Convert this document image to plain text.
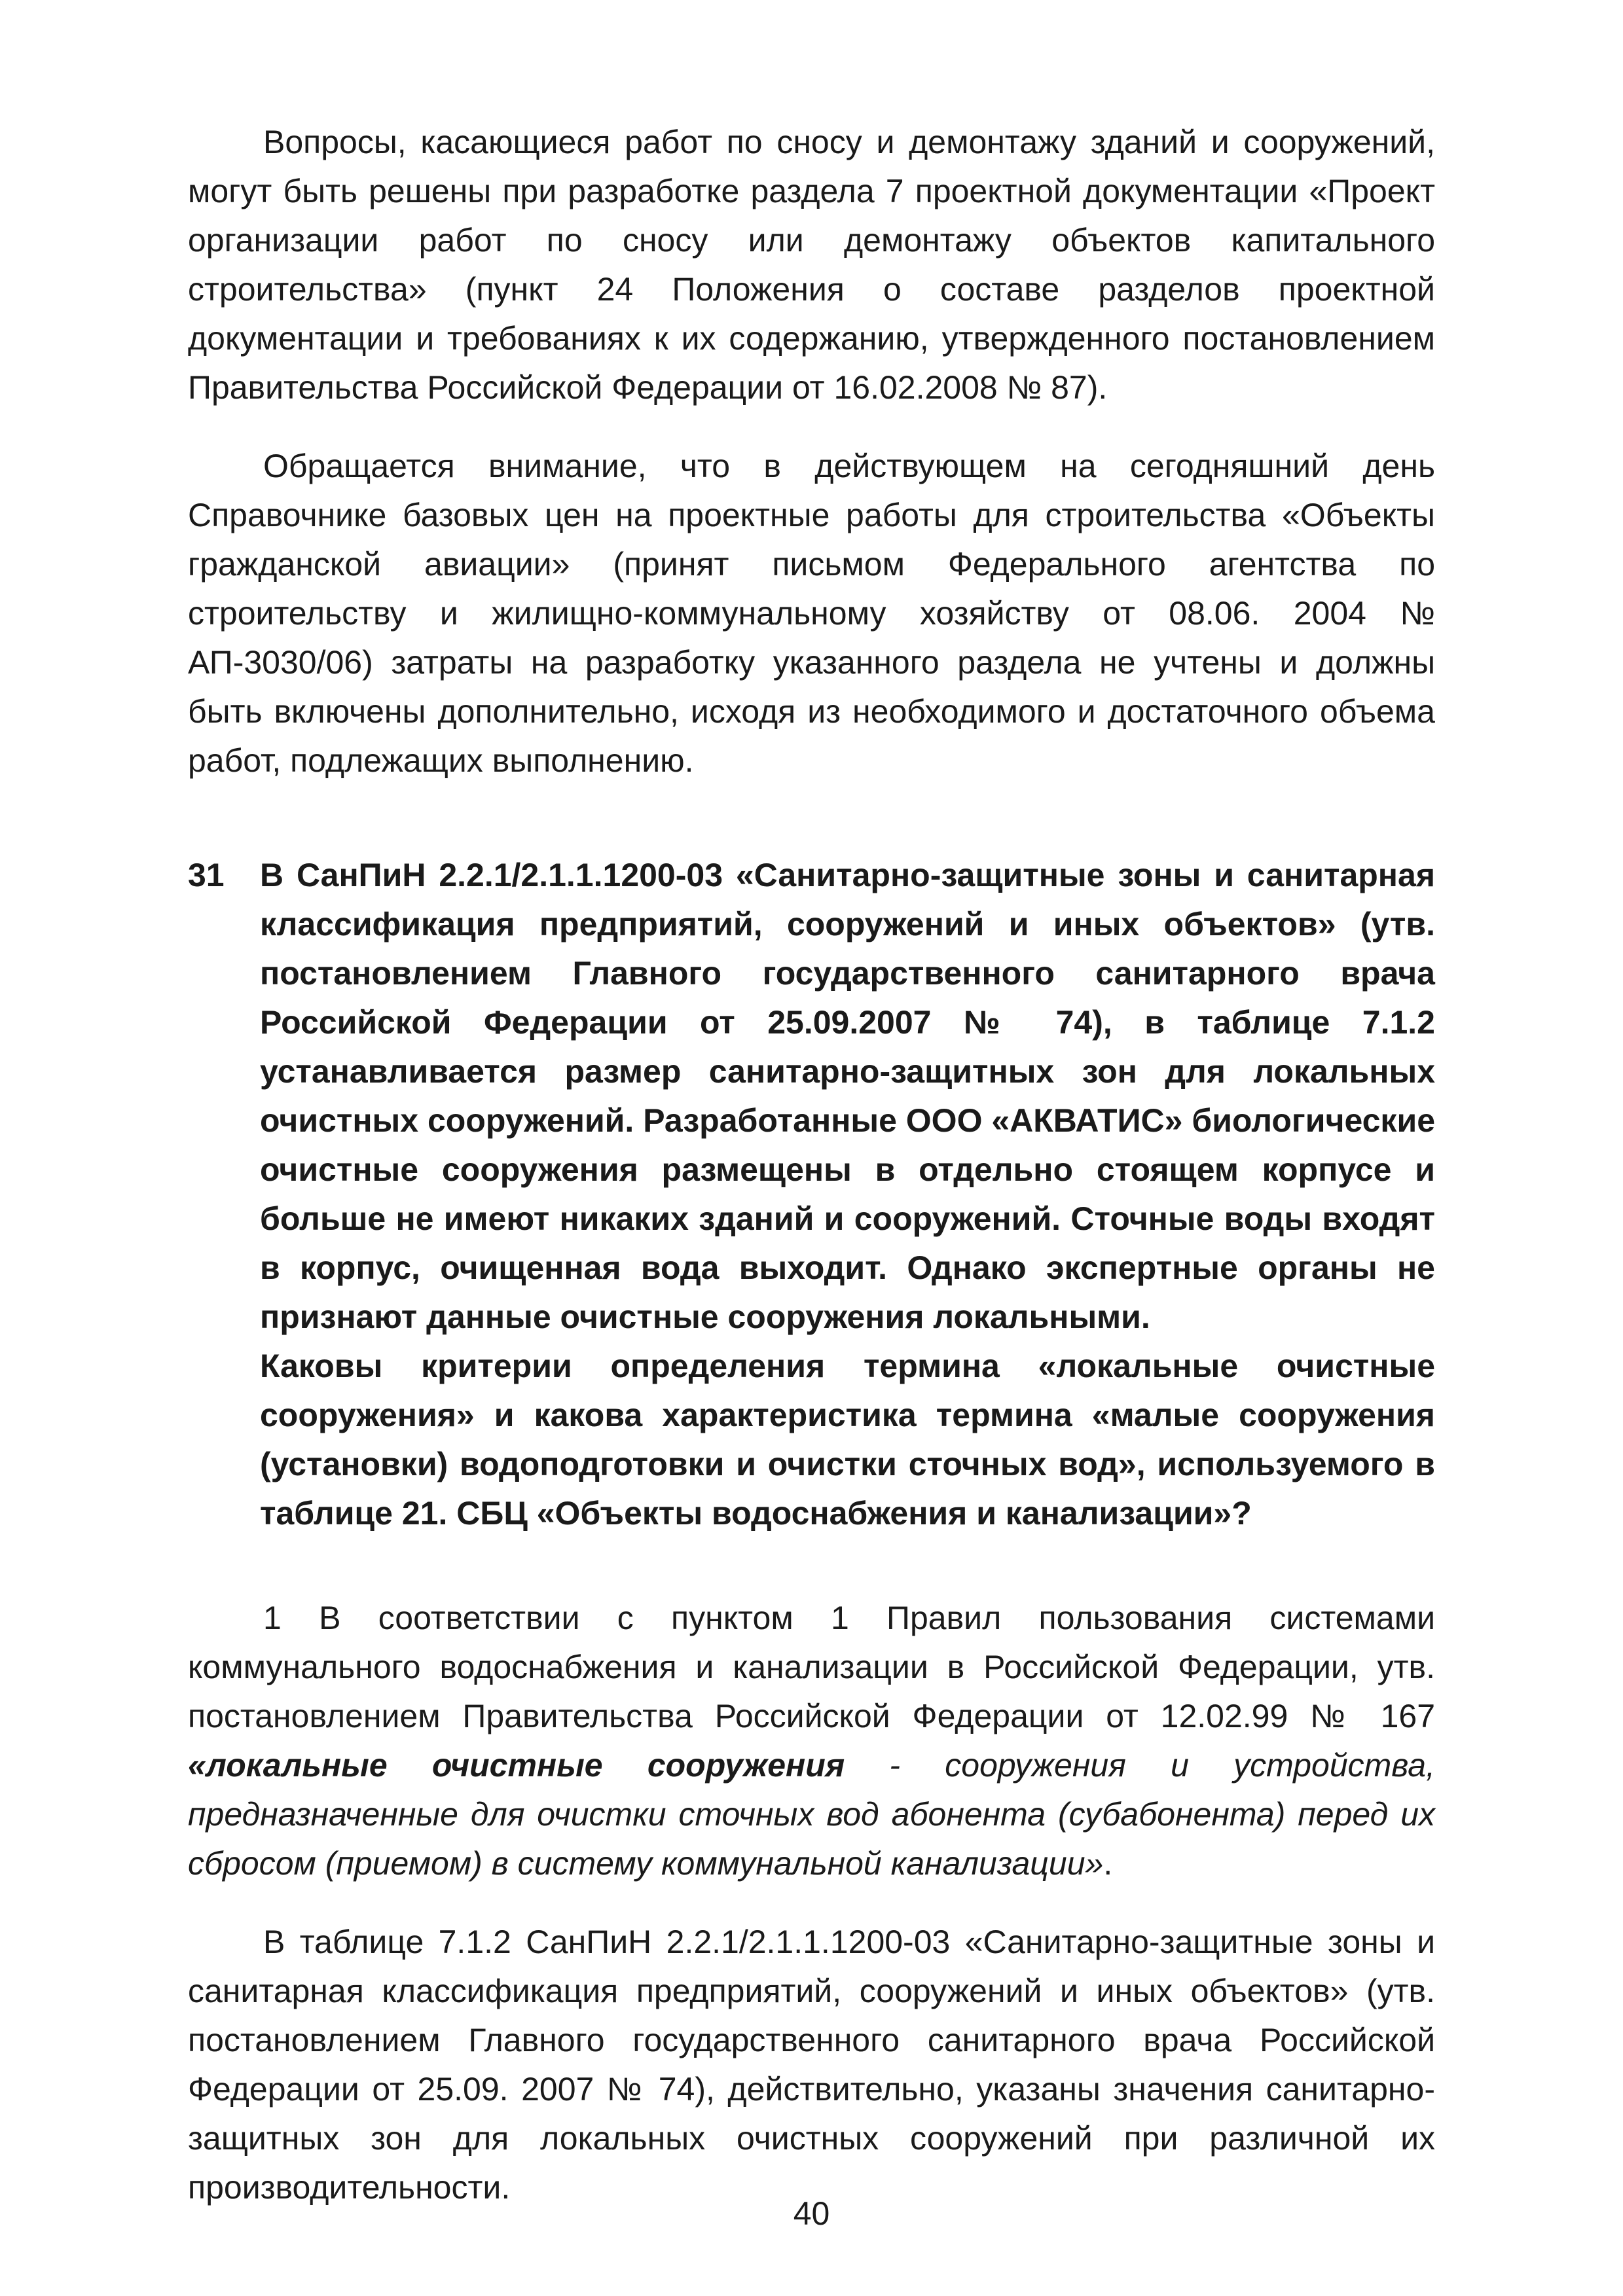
Вопросы, касающиеся работ по сносу и демонтажу зданий и сооружений, могут быть решены при разработке раздела 7 проектной документации «Проект организации работ по сносу или демонтажу объектов капитального строительства» (пункт 24 Положения о составе разделов проектной документации и требованиях к их содержанию, утвержденного постановлением Правительства Российской Федерации от 16.02.2008 № 87).

Обращается внимание, что в действующем на сегодняшний день Справочнике базовых цен на проектные работы для строительства «Объекты гражданской авиации» (принят письмом Федерального агентства по строительству и жилищно-коммунальному хозяйству от 08.06. 2004 № АП-3030/06) затраты на разработку указанного раздела не учтены и должны быть включены дополнительно, исходя из необходимого и достаточного объема работ, подлежащих выполнению.

31	В СанПиН 2.2.1/2.1.1.1200-03 «Санитарно-защитные зоны и санитарная классификация предприятий, сооружений и иных объектов» (утв. постановлением Главного государственного санитарного врача Российской Федерации от 25.09.2007 № 74), в таблице 7.1.2 устанавливается размер санитарно-защитных зон для локальных очистных сооружений. Разработанные ООО «АКВАТИС» биологические очистные сооружения размещены в отдельно стоящем корпусе и больше не имеют никаких зданий и сооружений. Сточные воды входят в корпус, очищенная вода выходит. Однако экспертные органы не признают данные очистные сооружения локальными.

Каковы критерии определения термина «локальные очистные сооружения» и какова характеристика термина «малые сооружения (установки) водоподготовки и очистки сточных вод», используемого в таблице 21. СБЦ «Объекты водоснабжения и канализации»?

1 В соответствии с пунктом 1 Правил пользования системами коммунального водоснабжения и канализации в Российской Федерации, утв. постановлением Правительства Российской Федерации от 12.02.99 № 167 «локальные очистные сооружения - сооружения и устройства, предназначенные для очистки сточных вод абонента (субабонента) перед их сбросом (приемом) в систему коммунальной канализации».

В таблице 7.1.2 СанПиН 2.2.1/2.1.1.1200-03 «Санитарно-защитные зоны и санитарная классификация предприятий, сооружений и иных объектов» (утв. постановлением Главного государственного санитарного врача Российской Федерации от 25.09. 2007 № 74), действительно, указаны значения санитарно-защитных зон для локальных очистных сооружений при различной их производительности.

40
